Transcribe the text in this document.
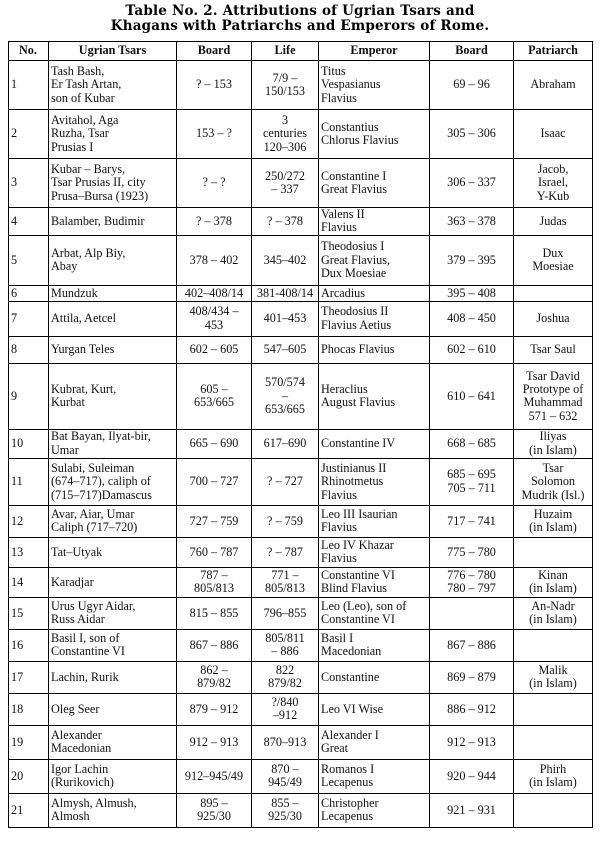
Table No. 2. Attributions of Ugrian Tsars and
Khagans with Patriarchs and Emperors of Rome.
No.	Ugrian Tsars	Board	Life	Emperor	Board	Patriarch
1	Tash Bash,
Er Tash Artan,
son of Kubar	? – 153	7/9 –
150/153	Titus
Vespasianus
Flavius	69 – 96	Abraham

2	Avitahol, Aga
Ruzha, Tsar
Prusias I	153 – ?	3
centuries
120–306	Constantius
Chlorus Flavius	305 – 306	Isaac

3	Kubar – Barys,
Tsar Prusias II, city
Prusa–Bursa (1923)	? – ?	250/272
– 337	Constantine I
Great Flavius	306 – 337	Jacob,
Israel,
Y-Kub

4	Balamber, Budimir	? – 378	? – 378	Valens II
Flavius	363 – 378	Judas

5	Arbat, Alp Biy,
Abay	378 – 402	345–402	Theodosius I
Great Flavius,
Dux Moesiae	379 – 395	Dux
Moesiae

6	Mundzuk	402–408/14	381-408/14	Arcadius	395 – 408	

7	Attila, Aetcel	408/434 –
453	401–453	Theodosius II
Flavius Aetius	408 – 450	Joshua

8	Yurgan Teles	602 – 605	547–605	Phocas Flavius	602 – 610	Tsar Saul

9	Kubrat, Kurt,
Kurbat	605 –
653/665	570/574
–
653/665	Heraclius
August Flavius	610 – 641	Tsar David
Prototype of
Muhammad
571 – 632

10	Bat Bayan, Ilyat-bir,
Umar	665 – 690	617–690	Constantine IV	668 – 685	Iliyas
(in Islam)

11	Sulabi, Suleiman
(674–717), caliph of
(715–717)Damascus	700 – 727	? – 727	Justinianus II
Rhinotmetus
Flavius	685 – 695
705 – 711	Tsar
Solomon
Mudrik (Isl.)

12	Avar, Aiar, Umar
Caliph (717–720)	727 – 759	? – 759	Leo III Isaurian
Flavius	717 – 741	Huzaim
(in Islam)

13	Tat–Utyak	760 – 787	? – 787	Leo IV Khazar
Flavius	775 – 780	

14	Karadjar	787 –
805/813	771 –
805/813	Constantine VI
Blind Flavius	776 – 780
780 – 797	Kinan
(in Islam)

15	Urus Ugyr Aidar,
Russ Aidar	815 – 855	796–855	Leo (Leo), son of
Constantine VI		An-Nadr
(in Islam)

16	Basil I, son of
Constantine VI	867 – 886	805/811
– 886	Basil I
Macedonian	867 – 886	

17	Lachin, Rurik	862 –
879/82	822
879/82	Constantine	869 – 879	Malik
(in Islam)

18	Oleg Seer	879 – 912	?/840
–912	Leo VI Wise	886 – 912	

19	Alexander
Macedonian	912 – 913	870–913	Alexander I
Great	912 – 913	

20	Igor Lachin
(Rurikovich)	912–945/49	870 –
945/49	Romanos I
Lecapenus	920 – 944	Phirh
(in Islam)

21	Almysh, Almush,
Almosh	895 –
925/30	855 –
925/30	Christopher
Lecapenus	921 – 931	
